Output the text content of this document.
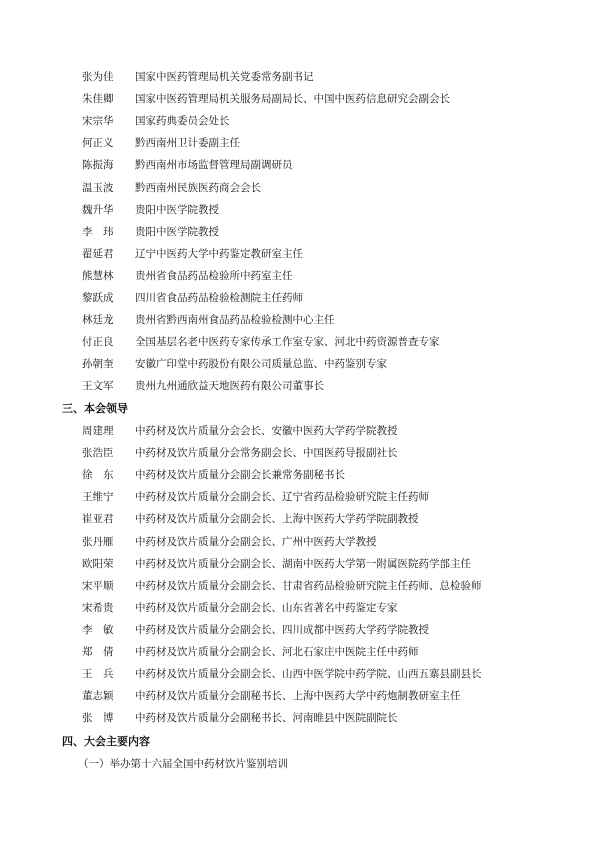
张为佳	国家中医药管理局机关党委常务副书记
朱佳卿	国家中医药管理局机关服务局副局长、中国中医药信息研究会副会长
宋宗华	国家药典委员会处长
何正义	黔西南州卫计委副主任
陈振海	黔西南州市场监督管理局副调研员
温玉波	黔西南州民族医药商会会长
魏升华	贵阳中医学院教授
李　玮	贵阳中医学院教授
翟延君	辽宁中医药大学中药鉴定教研室主任
熊慧林	贵州省食品药品检验所中药室主任
黎跃成	四川省食品药品检验检测院主任药师
林廷龙	贵州省黔西南州食品药品检验检测中心主任
付正良	全国基层名老中医药专家传承工作室专家、河北中药资源普查专家
孙朝奎	安徽广印堂中药股份有限公司质量总监、中药鉴别专家
王文军	贵州九州通欣益天地医药有限公司董事长
三、本会领导
周建理	中药材及饮片质量分会会长、安徽中医药大学药学院教授
张浩臣	中药材及饮片质量分会常务副会长、中国医药导报副社长
徐　东	中药材及饮片质量分会副会长兼常务副秘书长
王维宁	中药材及饮片质量分会副会长、辽宁省药品检验研究院主任药师
崔亚君	中药材及饮片质量分会副会长、上海中医药大学药学院副教授
张丹雁	中药材及饮片质量分会副会长、广州中医药大学教授
欧阳荣	中药材及饮片质量分会副会长、湖南中医药大学第一附属医院药学部主任
宋平顺	中药材及饮片质量分会副会长、甘肃省药品检验研究院主任药师、总检验师
宋希贵	中药材及饮片质量分会副会长、山东省著名中药鉴定专家
李　敏	中药材及饮片质量分会副会长、四川成都中医药大学药学院教授
郑　倩	中药材及饮片质量分会副会长、河北石家庄中医院主任中药师
王　兵	中药材及饮片质量分会副会长、山西中医学院中药学院、山西五寨县副县长
董志颖	中药材及饮片质量分会副秘书长、上海中医药大学中药炮制教研室主任
张　博	中药材及饮片质量分会副秘书长、河南睢县中医院副院长
四、大会主要内容
（一）举办第十六届全国中药材饮片鉴别培训
